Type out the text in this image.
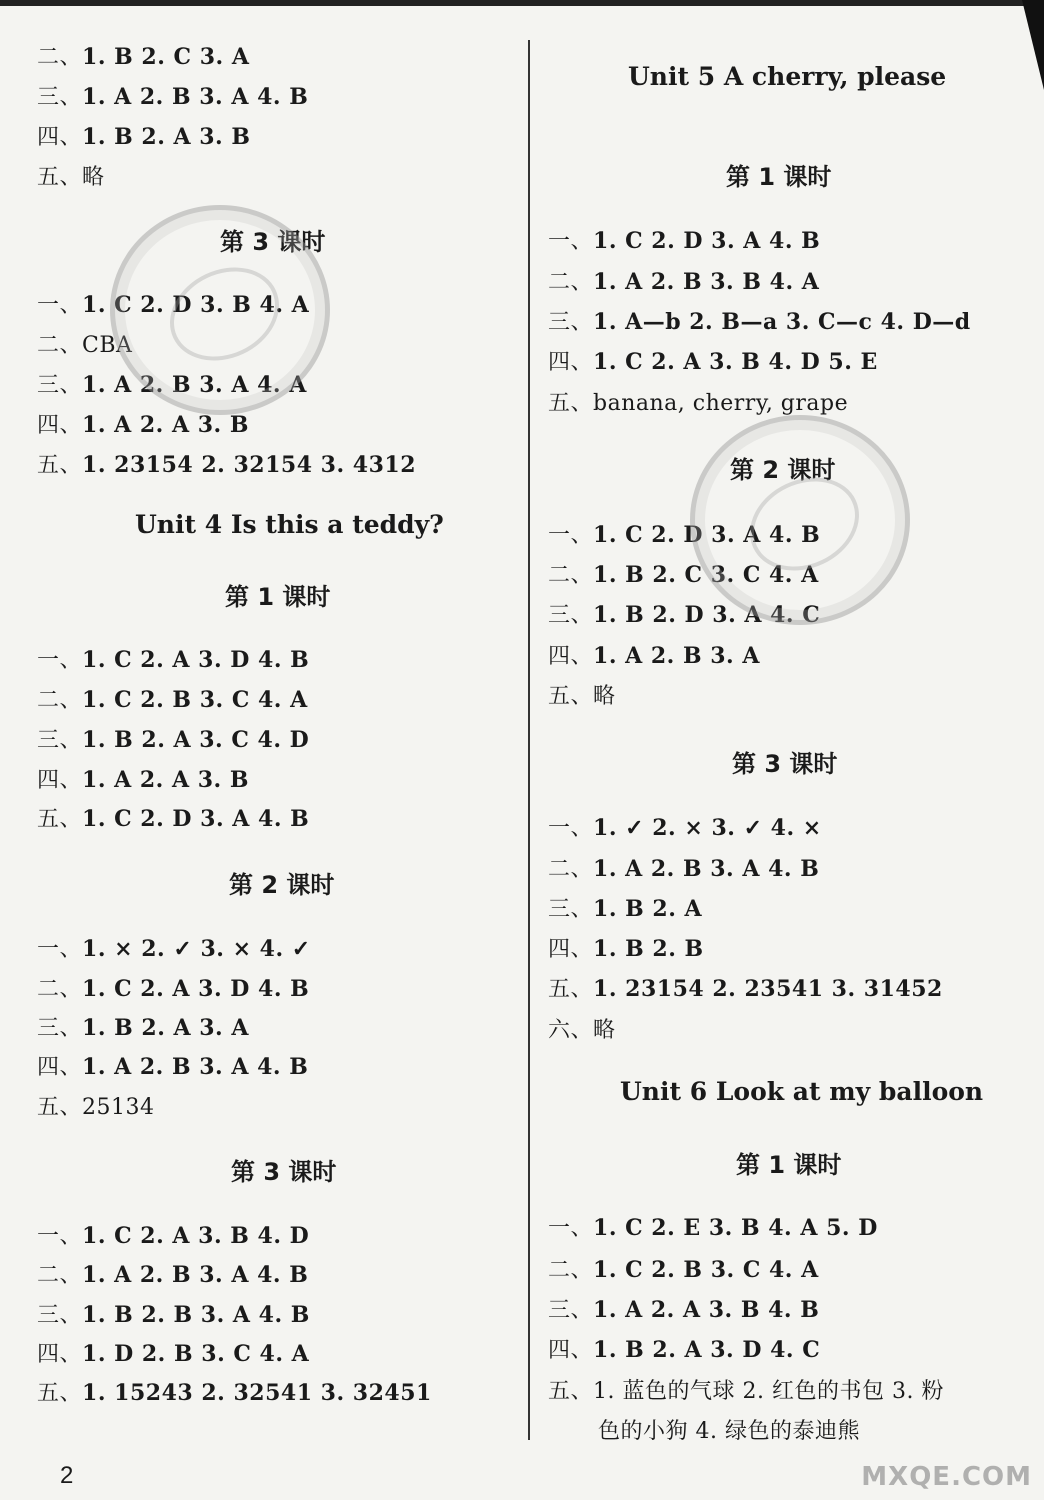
二、1. B 2. C 3. A
三、1. A 2. B 3. A 4. B
四、1. B 2. A 3. B
五、略
第 3 课时
一、1. C 2. D 3. B 4. A
二、CBA
三、1. A 2. B 3. A 4. A
四、1. A 2. A 3. B
五、1. 23154 2. 32154 3. 4312
Unit 4 Is this a teddy?
第 1 课时
一、1. C 2. A 3. D 4. B
二、1. C 2. B 3. C 4. A
三、1. B 2. A 3. C 4. D
四、1. A 2. A 3. B
五、1. C 2. D 3. A 4. B
第 2 课时
一、1. × 2. ✓ 3. × 4. ✓
二、1. C 2. A 3. D 4. B
三、1. B 2. A 3. A
四、1. A 2. B 3. A 4. B
五、25134
第 3 课时
一、1. C 2. A 3. B 4. D
二、1. A 2. B 3. A 4. B
三、1. B 2. B 3. A 4. B
四、1. D 2. B 3. C 4. A
五、1. 15243 2. 32541 3. 32451
Unit 5 A cherry, please
第 1 课时
一、1. C 2. D 3. A 4. B
二、1. A 2. B 3. B 4. A
三、1. A—b 2. B—a 3. C—c 4. D—d
四、1. C 2. A 3. B 4. D 5. E
五、banana, cherry, grape
第 2 课时
一、1. C 2. D 3. A 4. B
二、1. B 2. C 3. C 4. A
三、1. B 2. D 3. A 4. C
四、1. A 2. B 3. A
五、略
第 3 课时
一、1. ✓ 2. × 3. ✓ 4. ×
二、1. A 2. B 3. A 4. B
三、1. B 2. A
四、1. B 2. B
五、1. 23154 2. 23541 3. 31452
六、略
Unit 6 Look at my balloon
第 1 课时
一、1. C 2. E 3. B 4. A 5. D
二、1. C 2. B 3. C 4. A
三、1. A 2. A 3. B 4. B
四、1. B 2. A 3. D 4. C
五、1. 蓝色的气球 2. 红色的书包 3. 粉
色的小狗 4. 绿色的泰迪熊
2	MXQE.COM
